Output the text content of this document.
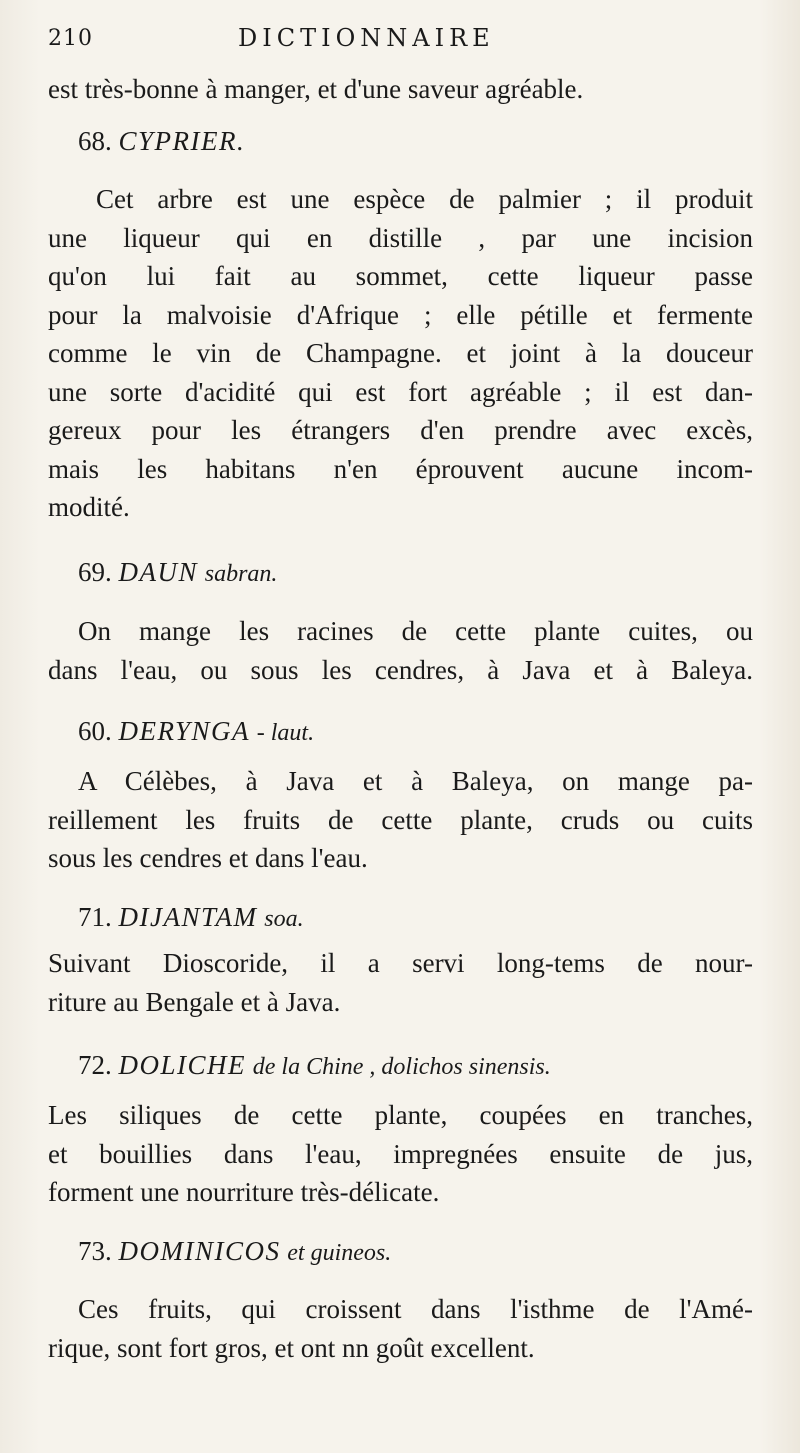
210	DICTIONNAIRE
est très-bonne à manger, et d'une saveur agréable.
68. CYPRIER.
Cet arbre est une espèce de palmier ; il produit
une liqueur qui en distille , par une incision
qu'on lui fait au sommet, cette liqueur passe
pour la malvoisie d'Afrique ; elle pétille et fermente
comme le vin de Champagne. et joint à la douceur
une sorte d'acidité qui est fort agréable ; il est dan-
gereux pour les étrangers d'en prendre avec excès,
mais les habitans n'en éprouvent aucune incom-
modité.
69. DAUN sabran.
On mange les racines de cette plante cuites, ou
dans l'eau, ou sous les cendres, à Java et à Baleya.
60. DERYNGA - laut.
A Célèbes, à Java et à Baleya, on mange pa-
reillement les fruits de cette plante, cruds ou cuits
sous les cendres et dans l'eau.
71. DIJANTAM soa.
Suivant Dioscoride, il a servi long-tems de nour-
riture au Bengale et à Java.
72. DOLICHE de la Chine , dolichos sinensis.
Les siliques de cette plante, coupées en tranches,
et bouillies dans l'eau, impregnées ensuite de jus,
forment une nourriture très-délicate.
73. DOMINICOS et guineos.
Ces fruits, qui croissent dans l'isthme de l'Amé-
rique, sont fort gros, et ont nn goût excellent.
